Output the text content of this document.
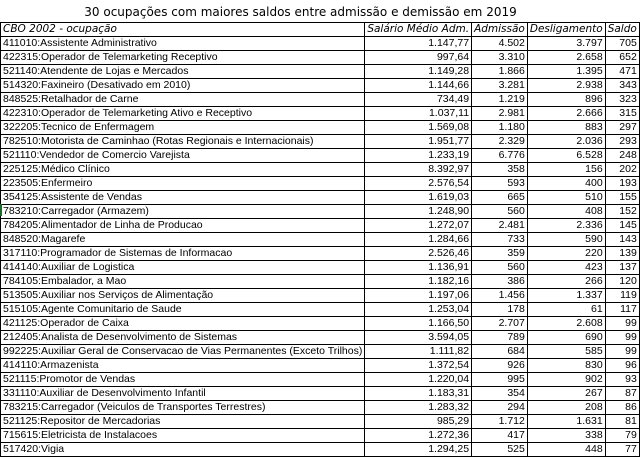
30 ocupações com maiores saldos entre admissão e demissão em 2019
CBO 2002 - ocupação	Salário Médio Adm.	Admissão	Desligamento	Saldo
411010:Assistente Administrativo	1.147,77	4.502	3.797	705
422315:Operador de Telemarketing Receptivo	997,64	3.310	2.658	652
521140:Atendente de Lojas e Mercados	1.149,28	1.866	1.395	471
514320:Faxineiro (Desativado em 2010)	1.144,66	3.281	2.938	343
848525:Retalhador de Carne	734,49	1.219	896	323
422310:Operador de Telemarketing Ativo e Receptivo	1.037,11	2.981	2.666	315
322205:Tecnico de Enfermagem	1.569,08	1.180	883	297
782510:Motorista de Caminhao (Rotas Regionais e Internacionais)	1.951,77	2.329	2.036	293
521110:Vendedor de Comercio Varejista	1.233,19	6.776	6.528	248
225125:Médico Clínico	8.392,97	358	156	202
223505:Enfermeiro	2.576,54	593	400	193
354125:Assistente de Vendas	1.619,03	665	510	155
783210:Carregador (Armazem)	1.248,90	560	408	152
784205:Alimentador de Linha de Producao	1.272,07	2.481	2.336	145
848520:Magarefe	1.284,66	733	590	143
317110:Programador de Sistemas de Informacao	2.526,46	359	220	139
414140:Auxiliar de Logistica	1.136,91	560	423	137
784105:Embalador, a Mao	1.182,16	386	266	120
513505:Auxiliar nos Serviços de Alimentação	1.197,06	1.456	1.337	119
515105:Agente Comunitario de Saude	1.253,04	178	61	117
421125:Operador de Caixa	1.166,50	2.707	2.608	99
212405:Analista de Desenvolvimento de Sistemas	3.594,05	789	690	99
992225:Auxiliar Geral de Conservacao de Vias Permanentes (Exceto Trilhos)	1.111,82	684	585	99
414110:Armazenista	1.372,54	926	830	96
521115:Promotor de Vendas	1.220,04	995	902	93
331110:Auxiliar de Desenvolvimento Infantil	1.183,31	354	267	87
783215:Carregador (Veiculos de Transportes Terrestres)	1.283,32	294	208	86
521125:Repositor de Mercadorias	985,29	1.712	1.631	81
715615:Eletricista de Instalacoes	1.272,36	417	338	79
517420:Vigia	1.294,25	525	448	77
